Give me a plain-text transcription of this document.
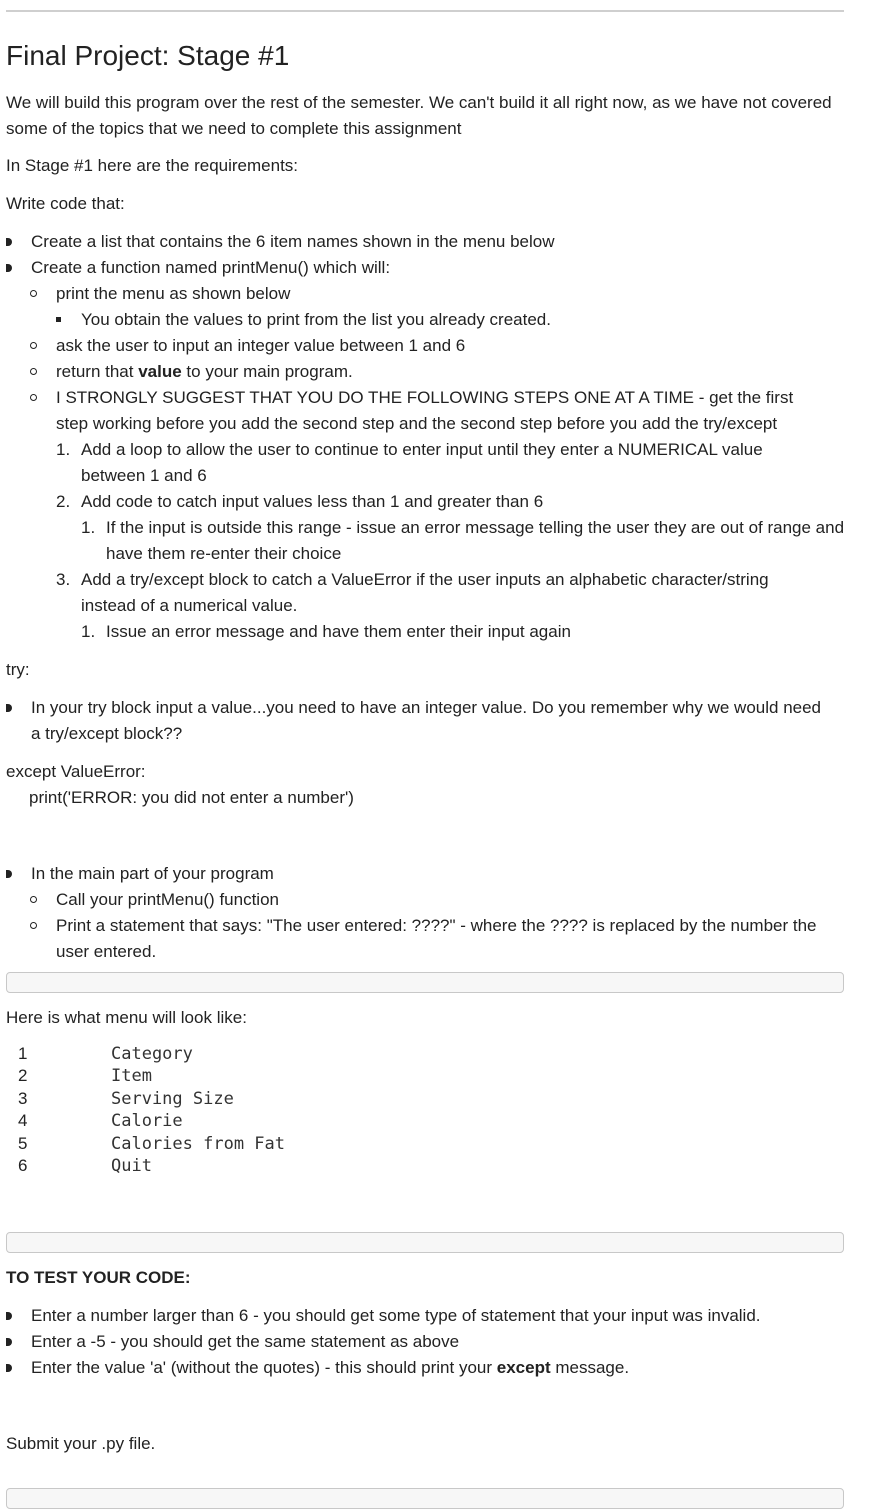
Final Project: Stage #1
We will build this program over the rest of the semester. We can't build it all right now, as we have not covered some of the topics that we need to complete this assignment
In Stage #1 here are the requirements:
Write code that:
Create a list that contains the 6 item names shown in the menu below
Create a function named printMenu() which will:
print the menu as shown below
You obtain the values to print from the list you already created.
ask the user to input an integer value between 1 and 6
return that value to your main program.
I STRONGLY SUGGEST THAT YOU DO THE FOLLOWING STEPS ONE AT A TIME - get the first step working before you add the second step and the second step before you add the try/except
1. Add a loop to allow the user to continue to enter input until they enter a NUMERICAL value between 1 and 6
2. Add code to catch input values less than 1 and greater than 6
1. If the input is outside this range - issue an error message telling the user they are out of range and have them re-enter their choice
3. Add a try/except block to catch a ValueError if the user inputs an alphabetic character/string instead of a numerical value.
1. Issue an error message and have them enter their input again
try:
In your try block input a value...you need to have an integer value. Do you remember why we would need a try/except block??
except ValueError:
print('ERROR: you did not enter a number')
In the main part of your program
Call your printMenu() function
Print a statement that says: "The user entered: ????" - where the ???? is replaced by the number the user entered.
Here is what menu will look like:
1	Category
2	Item
3	Serving Size
4	Calorie
5	Calories from Fat
6	Quit
TO TEST YOUR CODE:
Enter a number larger than 6 - you should get some type of statement that your input was invalid.
Enter a -5 - you should get the same statement as above
Enter the value 'a' (without the quotes) - this should print your except message.
Submit your .py file.
